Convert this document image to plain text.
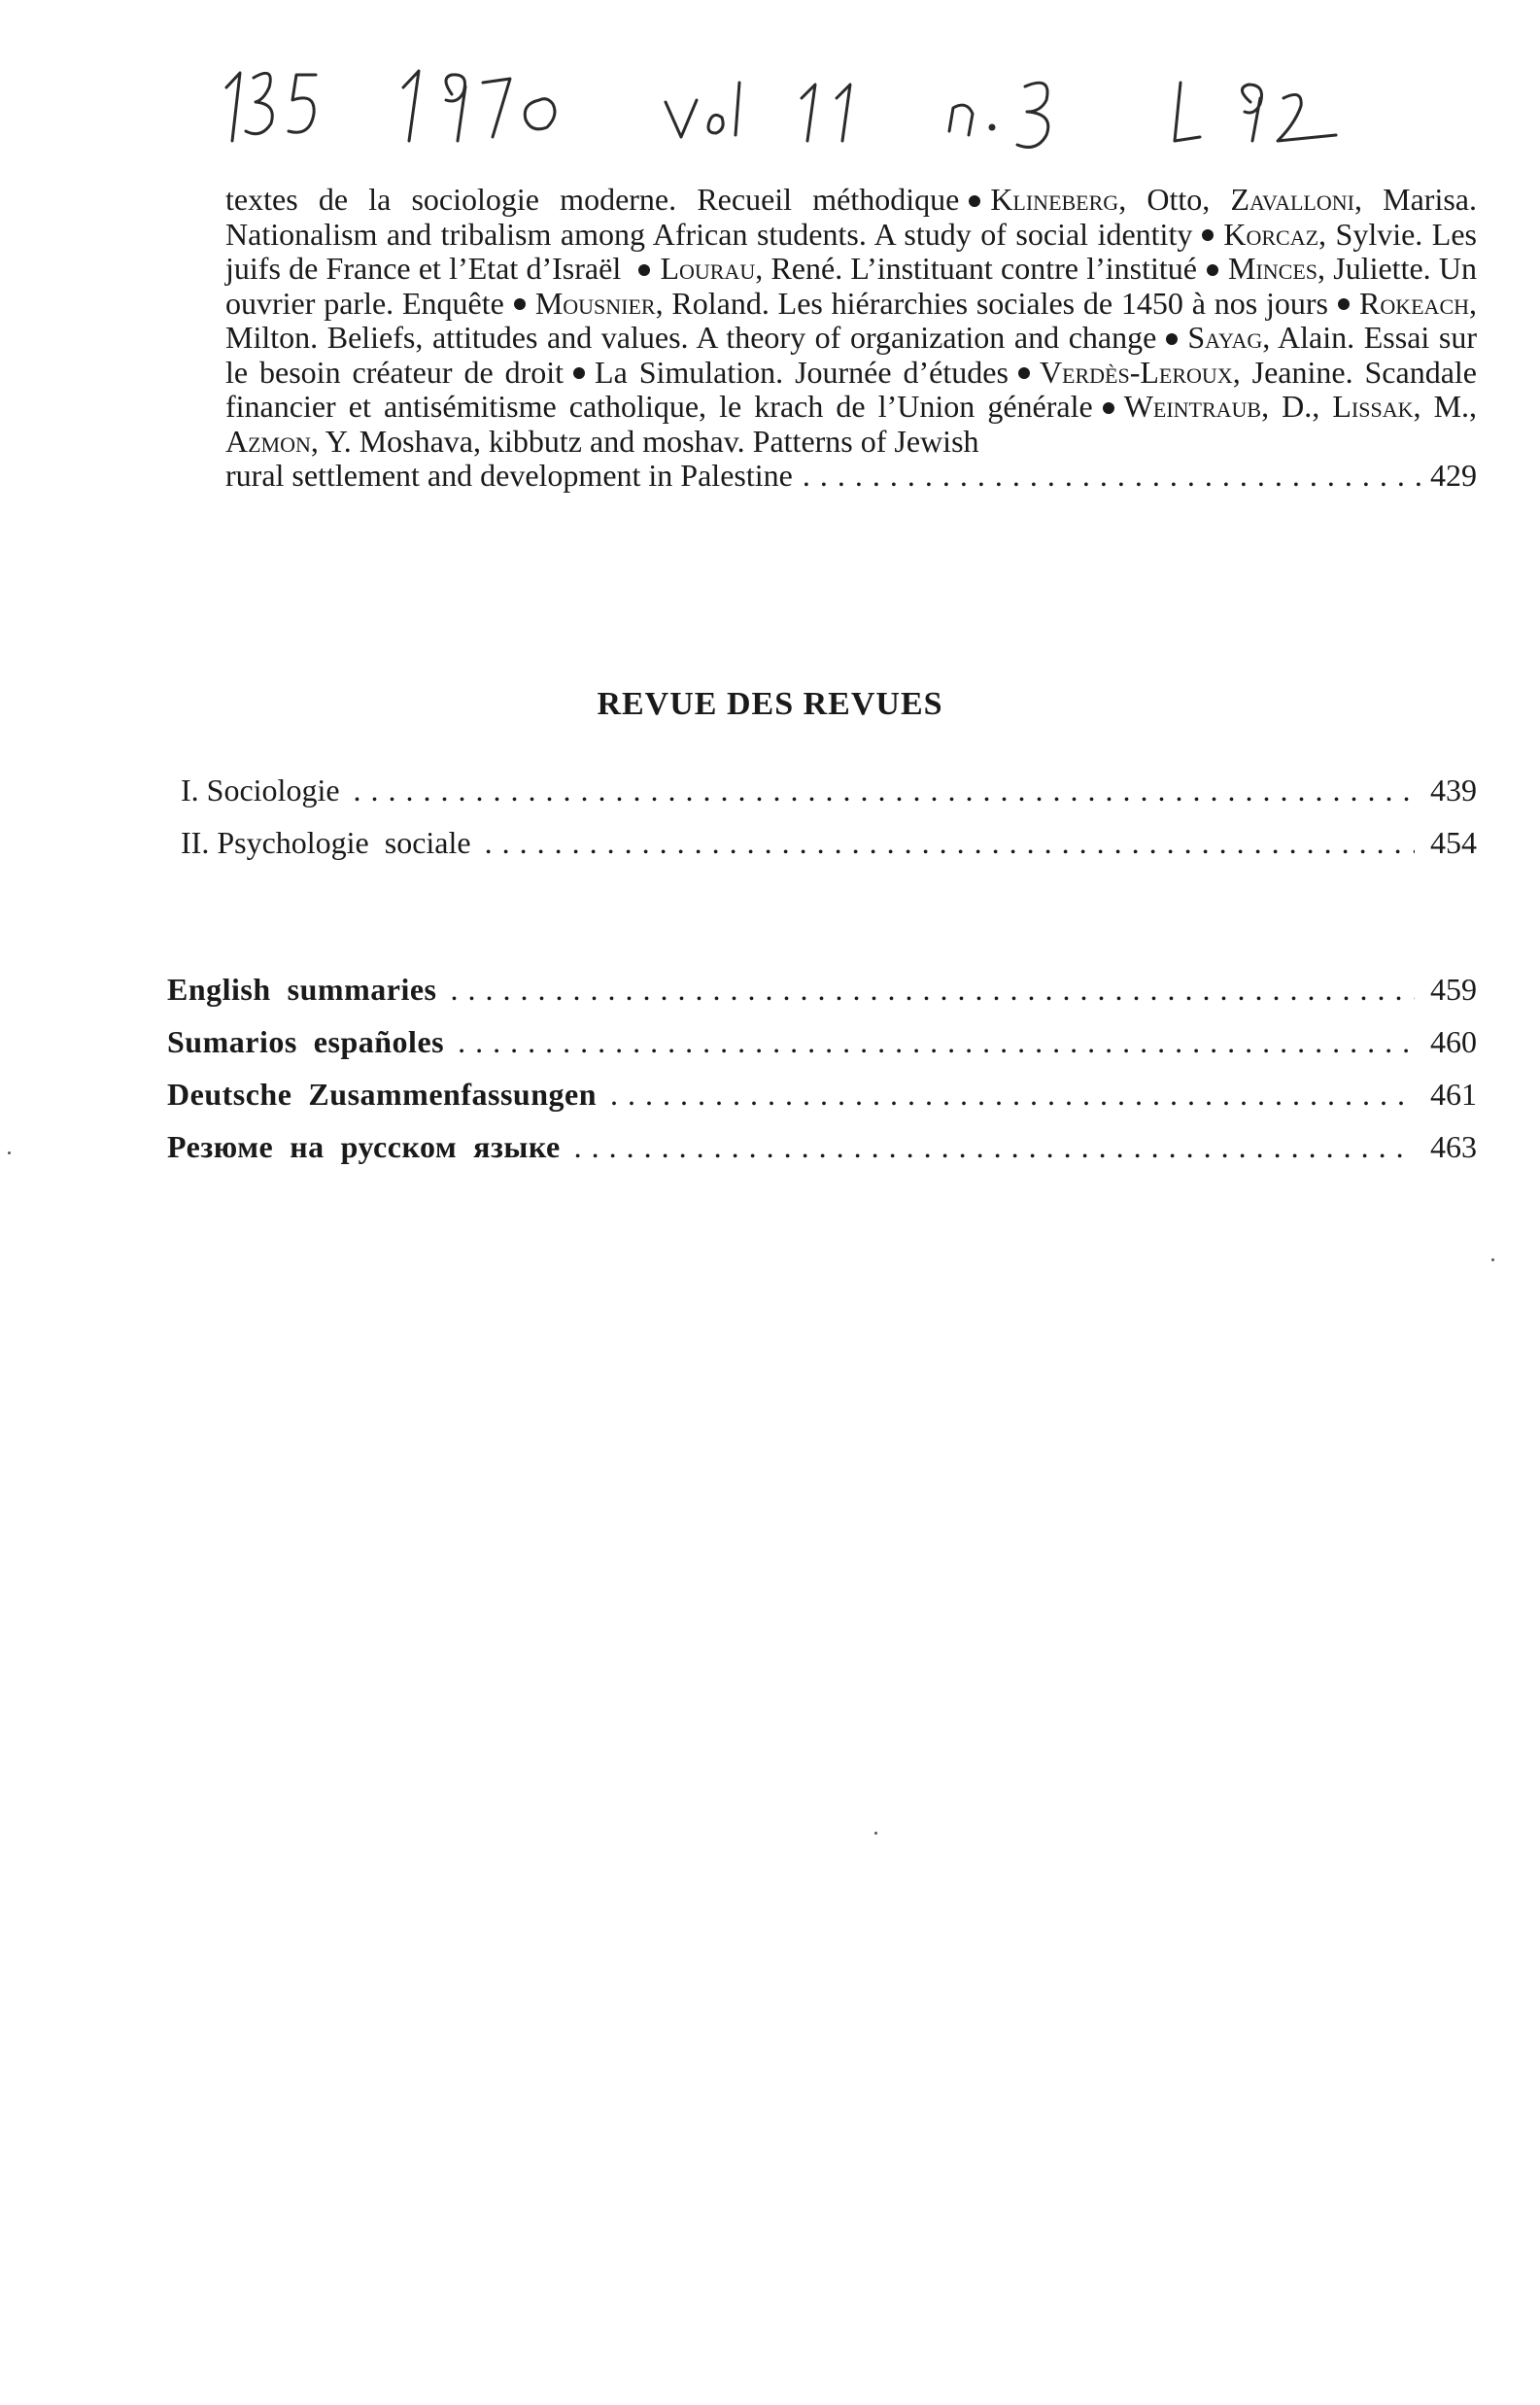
textes de la sociologie moderne. Recueil méthodique Klineberg, Otto, Zavalloni, Marisa. Nationalism and tribalism among African students. A study of social identity Korcaz, Sylvie. Les juifs de France et l’Etat d’Israël Lourau, René. L’instituant contre l’institué Minces, Juliette. Un ouvrier parle. Enquête Mousnier, Roland. Les hiérarchies sociales de 1450 à nos jours Rokeach, Milton. Beliefs, attitudes and values. A theory of organization and change Sayag, Alain. Essai sur le besoin créateur de droit La Simulation. Journée d’études Verdès-Leroux, Jeanine. Scandale financier et antisémitisme catholique, le krach de l’Union générale Weintraub, D., Lissak, M., Azmon, Y. Moshava, kibbutz and moshav. Patterns of Jewish
rural settlement and development in Palestine . . .	429
REVUE DES REVUES
I. Sociologie . . .	439
II. Psychologie  sociale . . .	454
English  summaries . . .	459
Sumarios  españoles . . .	460
Deutsche  Zusammenfassungen . . .	461
Резюме  на  русском  языке . . .	463
